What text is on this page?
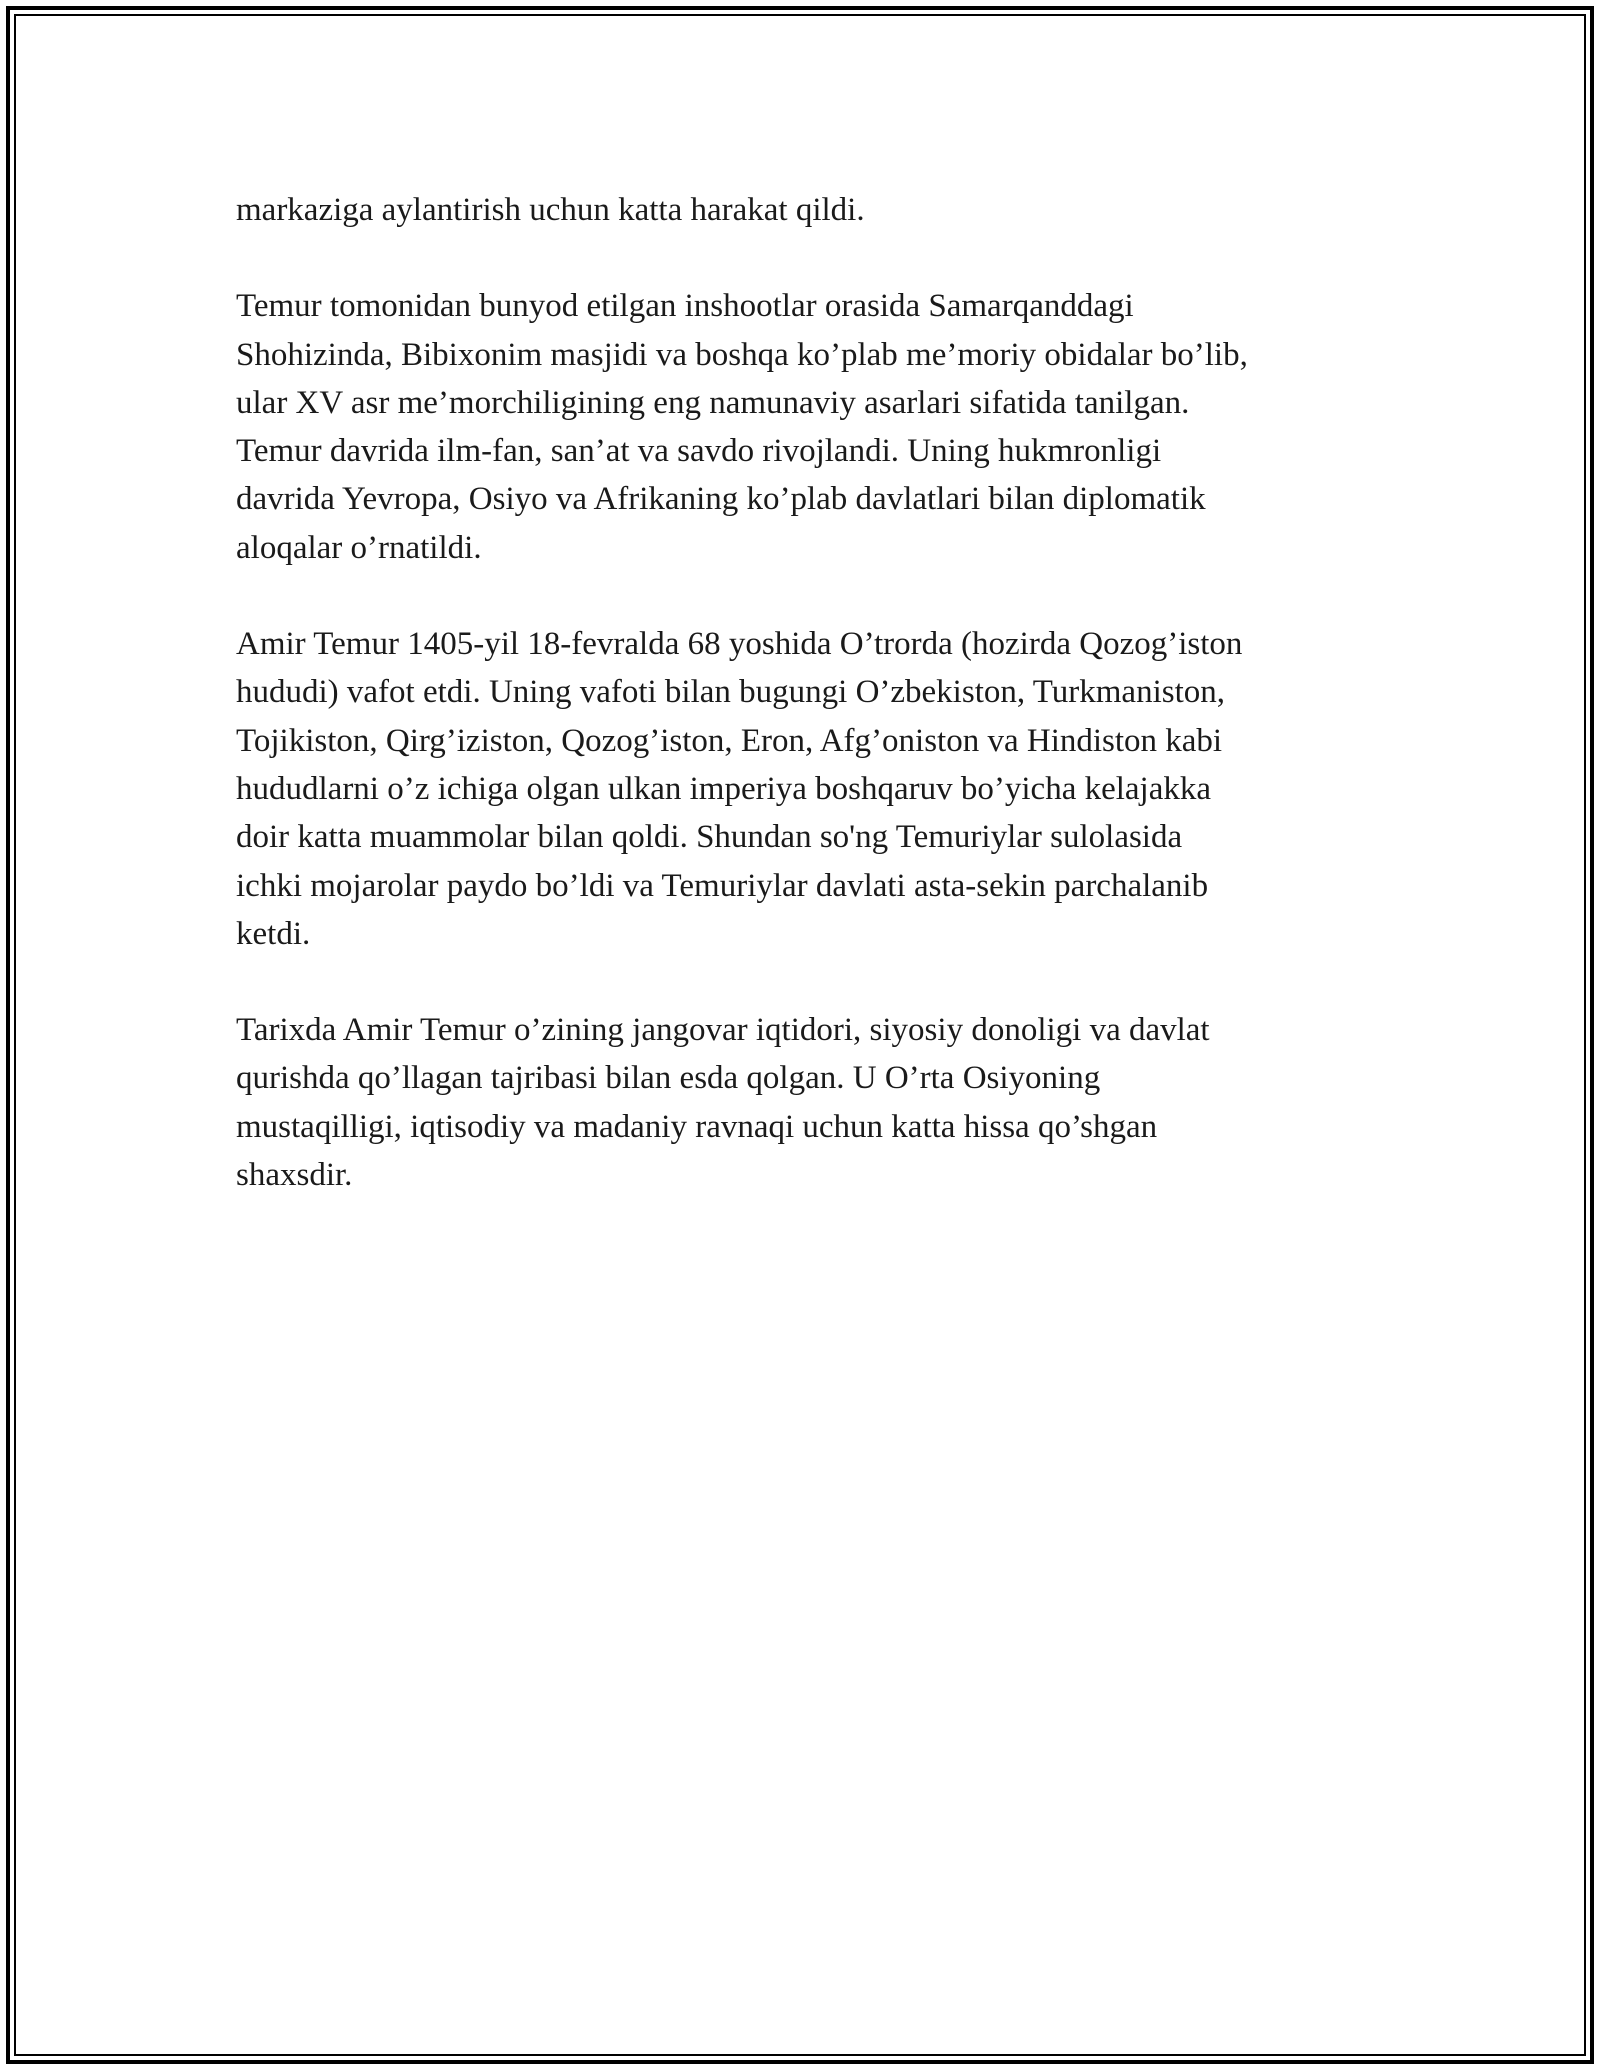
markaziga aylantirish uchun katta harakat qildi.

Temur tomonidan bunyod etilgan inshootlar orasida Samarqanddagi
Shohizinda, Bibixonim masjidi va boshqa ko’plab me’moriy obidalar bo’lib,
ular XV asr me’morchiligining eng namunaviy asarlari sifatida tanilgan.
Temur davrida ilm-fan, san’at va savdo rivojlandi. Uning hukmronligi
davrida Yevropa, Osiyo va Afrikaning ko’plab davlatlari bilan diplomatik
aloqalar o’rnatildi.

Amir Temur 1405-yil 18-fevralda 68 yoshida O’trorda (hozirda Qozog’iston
hududi) vafot etdi. Uning vafoti bilan bugungi O’zbekiston, Turkmaniston,
Tojikiston, Qirg’iziston, Qozog’iston, Eron, Afg’oniston va Hindiston kabi
hududlarni o’z ichiga olgan ulkan imperiya boshqaruv bo’yicha kelajakka
doir katta muammolar bilan qoldi. Shundan so'ng Temuriylar sulolasida
ichki mojarolar paydo bo’ldi va Temuriylar davlati asta-sekin parchalanib
ketdi.

Tarixda Amir Temur o’zining jangovar iqtidori, siyosiy donoligi va davlat
qurishda qo’llagan tajribasi bilan esda qolgan. U O’rta Osiyoning
mustaqilligi, iqtisodiy va madaniy ravnaqi uchun katta hissa qo’shgan
shaxsdir.
